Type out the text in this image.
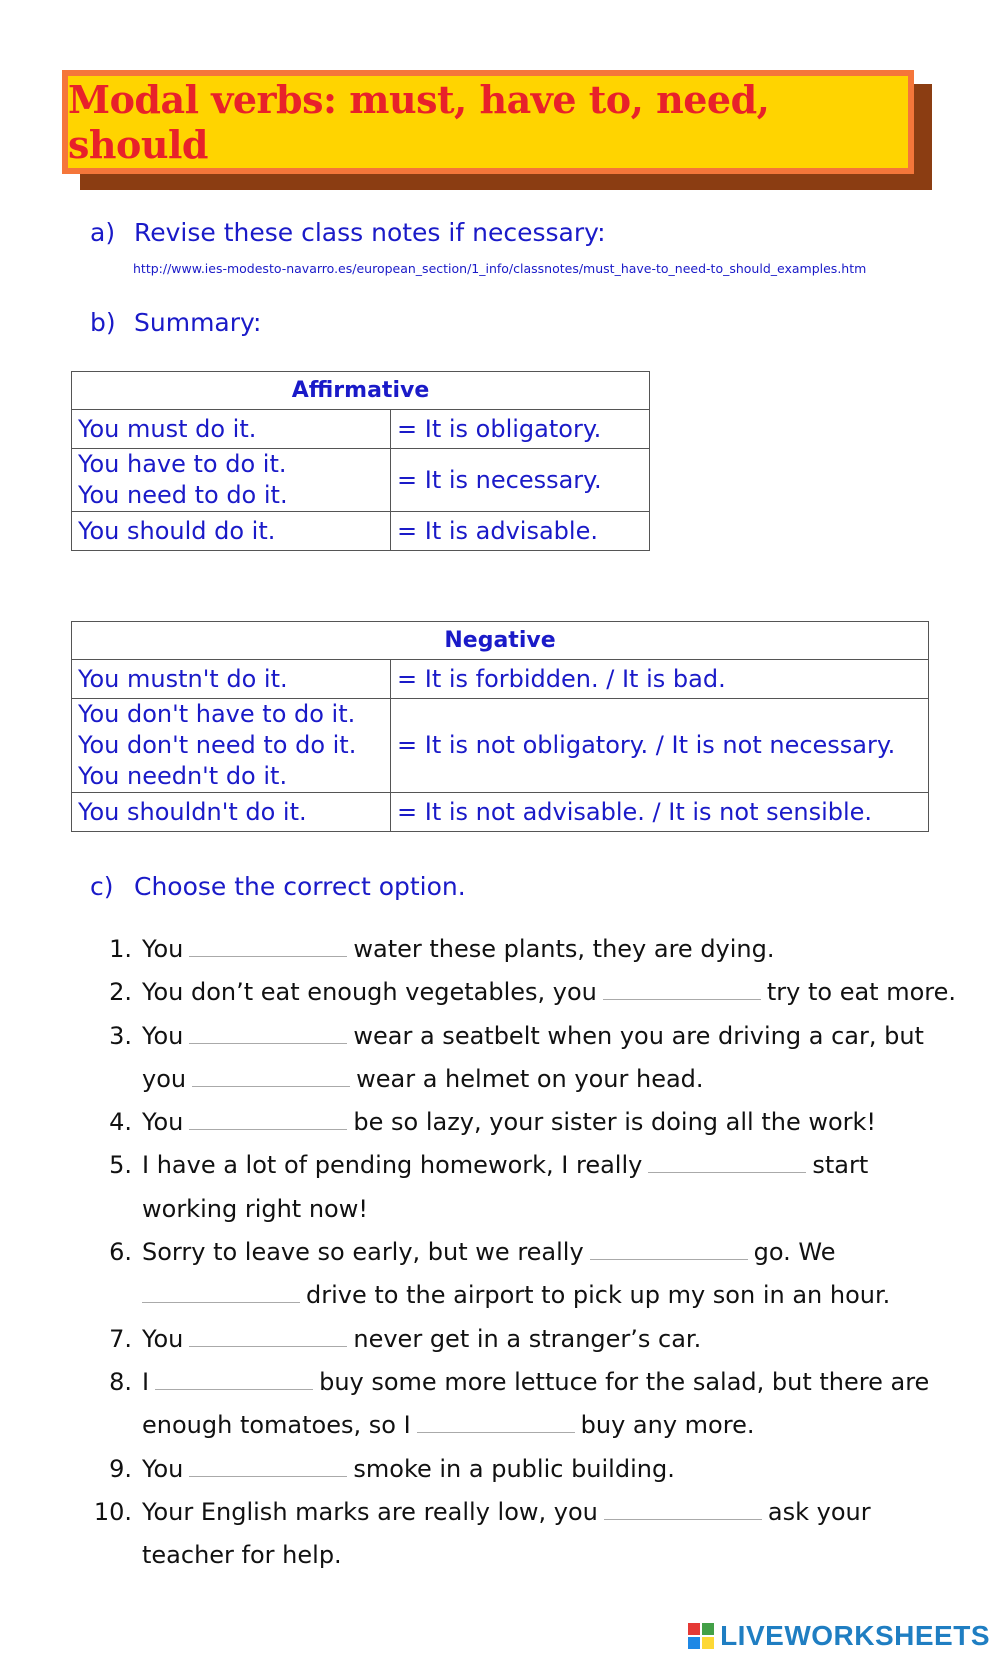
Modal verbs: must, have to, need, should
a) Revise these class notes if necessary:
http://www.ies-modesto-navarro.es/european_section/1_info/classnotes/must_have-to_need-to_should_examples.htm
b) Summary:
Affirmative	
You must do it.	= It is obligatory.

You have to do it.
You need to do it.	= It is necessary.
You should do it.	= It is advisable.
Negative	
You mustn't do it.	= It is forbidden. / It is bad.

You don't have to do it.
You don't need to do it.
You needn't do it.	= It is not obligatory. / It is not necessary.
You shouldn't do it.	= It is not advisable. / It is not sensible.
c) Choose the correct option.
1. You	water these plants, they are dying.
2. You don’t eat enough vegetables, you	try to eat more.
3. You	wear a seatbelt when you are driving a car, but
you	wear a helmet on your head.
4. You	be so lazy, your sister is doing all the work!
5. I have a lot of pending homework, I really	start
working right now!
6. Sorry to leave so early, but we really	go. We
drive to the airport to pick up my son in an hour.
7. You	never get in a stranger’s car.
8. I	buy some more lettuce for the salad, but there are
enough tomatoes, so I	buy any more.
9. You	smoke in a public building.
10. Your English marks are really low, you	ask your
teacher for help.
LIVEWORKSHEETS
